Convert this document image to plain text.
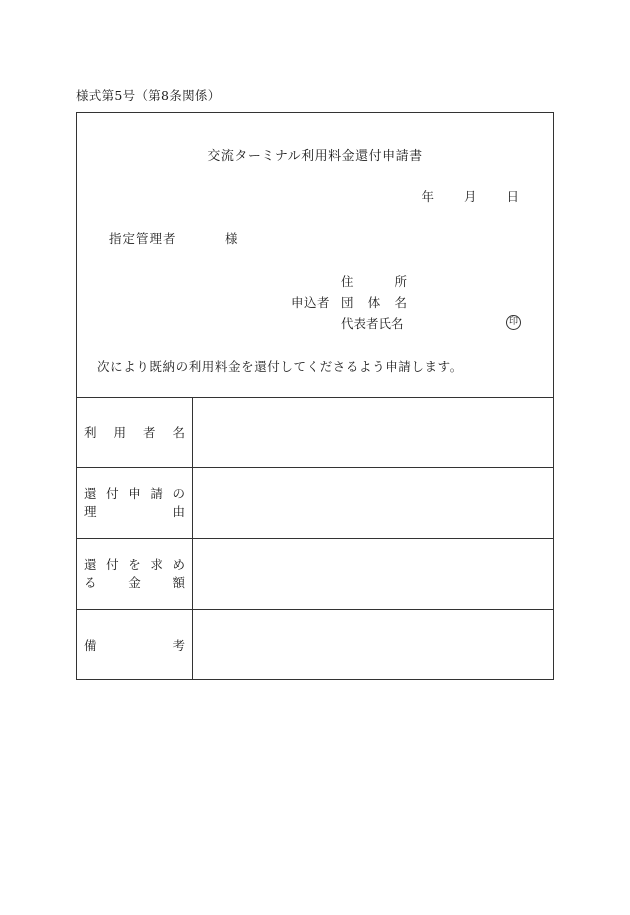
様式第5号（第8条関係）
交流ターミナル利用料金還付申請書
年 月 日
指定管理者	様
申込者
住	所
団 体 名
代表者氏名	印
次により既納の利用料金を還付してくださるよう申請します。
利 用 者 名
還 付 申 請 の
理	由
還 付 を 求 め
る	金	額
備	考
